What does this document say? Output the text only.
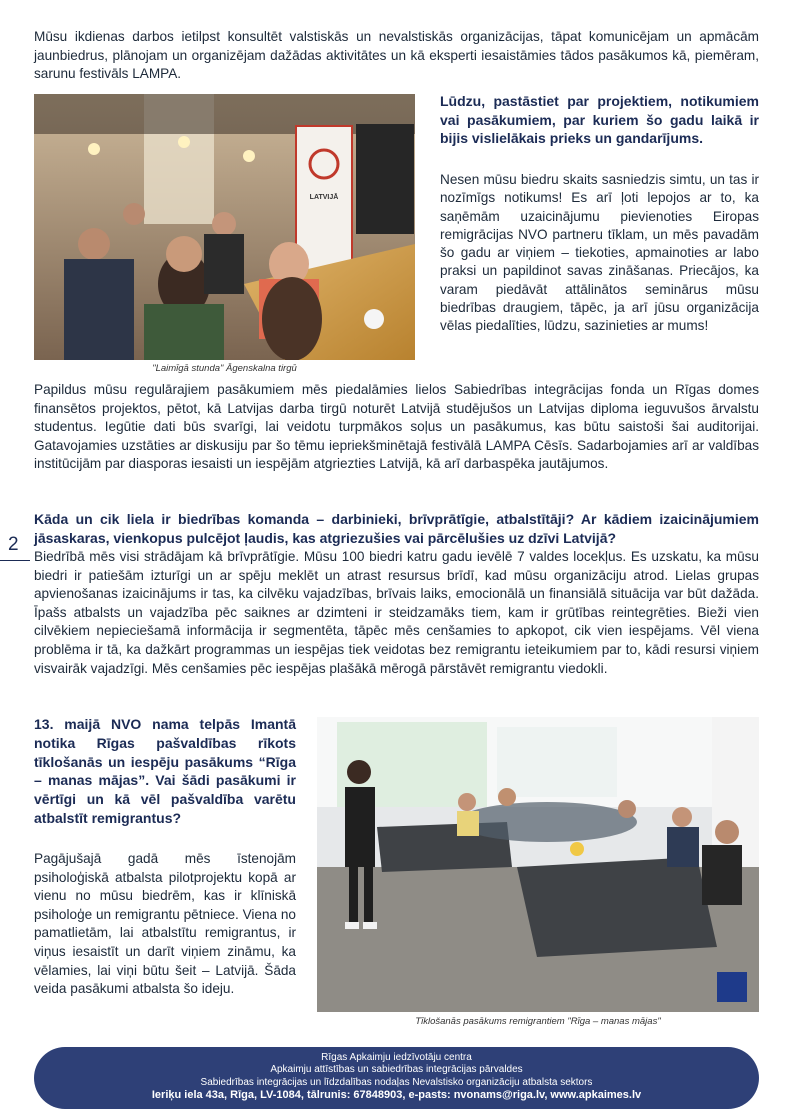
Mūsu ikdienas darbos ietilpst konsultēt valstiskās un nevalstiskās organizācijas, tāpat komunicējam un apmācām jaunbiedrus, plānojam un organizējam dažādas aktivitātes un kā eksperti iesaistāmies tādos pasākumos kā, piemēram, sarunu festivāls LAMPA.

LATVIJĀ
"Laimīgā stunda" Āgenskalna tirgū

Lūdzu, pastāstiet par projektiem, notikumiem vai pasākumiem, par kuriem šo gadu laikā ir bijis vislielākais prieks un gandarījums.

Nesen mūsu biedru skaits sasniedzis simtu, un tas ir nozīmīgs notikums! Es arī ļoti lepojos ar to, ka saņēmām uzaicinājumu pievienoties Eiropas remigrācijas NVO partneru tīklam, un mēs pavadām šo gadu ar viņiem – tiekoties, apmainoties ar labo praksi un papildinot savas zināšanas. Priecājos, ka varam piedāvāt attālinātos seminārus mūsu biedrības draugiem, tāpēc, ja arī jūsu organizācija vēlas piedalīties, lūdzu, sazinieties ar mums!

Papildus mūsu regulārajiem pasākumiem mēs piedalāmies lielos Sabiedrības integrācijas fonda un Rīgas domes finansētos projektos, pētot, kā Latvijas darba tirgū noturēt Latvijā studējušos un Latvijas diploma ieguvušos ārvalstu studentus. Iegūtie dati būs svarīgi, lai veidotu turpmākos soļus un pasākumus, kas būtu saistoši šai auditorijai. Gatavojamies uzstāties ar diskusiju par šo tēmu iepriekšminētajā festivālā LAMPA Cēsīs. Sadarbojamies arī ar valdības institūcijām par diasporas iesaisti un iespējām atgriezties Latvijā, kā arī darbaspēka jautājumos.

Kāda un cik liela ir biedrības komanda – darbinieki, brīvprātīgie, atbalstītāji? Ar kādiem izaicinājumiem jāsaskaras, vienkopus pulcējot ļaudis, kas atgriezušies vai pārcēlušies uz dzīvi Latvijā?

2

Biedrībā mēs visi strādājam kā brīvprātīgie. Mūsu 100 biedri katru gadu ievēlē 7 valdes locekļus. Es uzskatu, ka mūsu biedri ir patiešām izturīgi un ar spēju meklēt un atrast resursus brīdī, kad mūsu organizāciju atrod. Lielas grupas apvienošanas izaicinājums ir tas, ka cilvēku vajadzības, brīvais laiks, emocionālā un finansiālā situācija var būt dažāda. Īpašs atbalsts un vajadzība pēc saiknes ar dzimteni ir steidzamāks tiem, kam ir grūtības reintegrēties. Bieži vien cilvēkiem nepieciešamā informācija ir segmentēta, tāpēc mēs cenšamies to apkopot, cik vien iespējams. Vēl viena problēma ir tā, ka dažkārt programmas un iespējas tiek veidotas bez remigrantu ieteikumiem par to, kādi resursi viņiem visvairāk vajadzīgi. Mēs cenšamies pēc iespējas plašākā mērogā pārstāvēt remigrantu viedokli.

13. maijā NVO nama telpās Imantā notika Rīgas pašvaldības rīkots tīklošanās un iespēju pasākums “Rīga – manas mājas”. Vai šādi pasākumi ir vērtīgi un kā vēl pašvaldība varētu atbalstīt remigrantus?

Pagājušajā gadā mēs īstenojām psiholoģiskā atbalsta pilotprojektu kopā ar vienu no mūsu biedrēm, kas ir klīniskā psiholoģe un remigrantu pētniece. Viena no pamatlietām, lai atbalstītu remigrantus, ir viņus iesaistīt un darīt viņiem zināmu, ka vēlamies, lai viņi būtu šeit – Latvijā. Šāda veida pasākumi atbalsta šo ideju.

Tīklošanās pasākums remigrantiem "Rīga – manas mājas"
Rīgas Apkaimju iedzīvotāju centra
Apkaimju attīstības un sabiedrības integrācijas pārvaldes
Sabiedrības integrācijas un līdzdalības nodaļas Nevalstisko organizāciju atbalsta sektors
Ieriķu iela 43a, Rīga, LV-1084, tālrunis: 67848903, e-pasts: nvonams@riga.lv, www.apkaimes.lv
